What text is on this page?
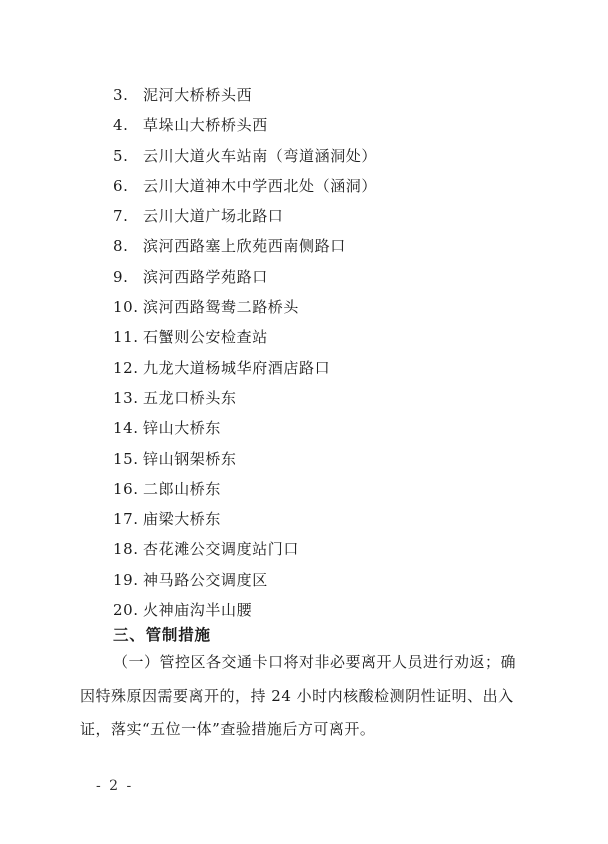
3. 泥河大桥桥头西
4. 草垛山大桥桥头西
5. 云川大道火车站南（弯道涵洞处）
6. 云川大道神木中学西北处（涵洞）
7. 云川大道广场北路口
8. 滨河西路塞上欣苑西南侧路口
9. 滨河西路学苑路口
10. 滨河西路鸳鸯二路桥头
11. 石蟹则公安检查站
12. 九龙大道杨城华府酒店路口
13. 五龙口桥头东
14. 锌山大桥东
15. 锌山钢架桥东
16. 二郎山桥东
17. 庙梁大桥东
18. 杏花滩公交调度站门口
19. 神马路公交调度区
20. 火神庙沟半山腰
三、管制措施
（一）管控区各交通卡口将对非必要离开人员进行劝返；确
因特殊原因需要离开的，持 24 小时内核酸检测阴性证明、出入
证，落实“五位一体”查验措施后方可离开。
- 2 -
